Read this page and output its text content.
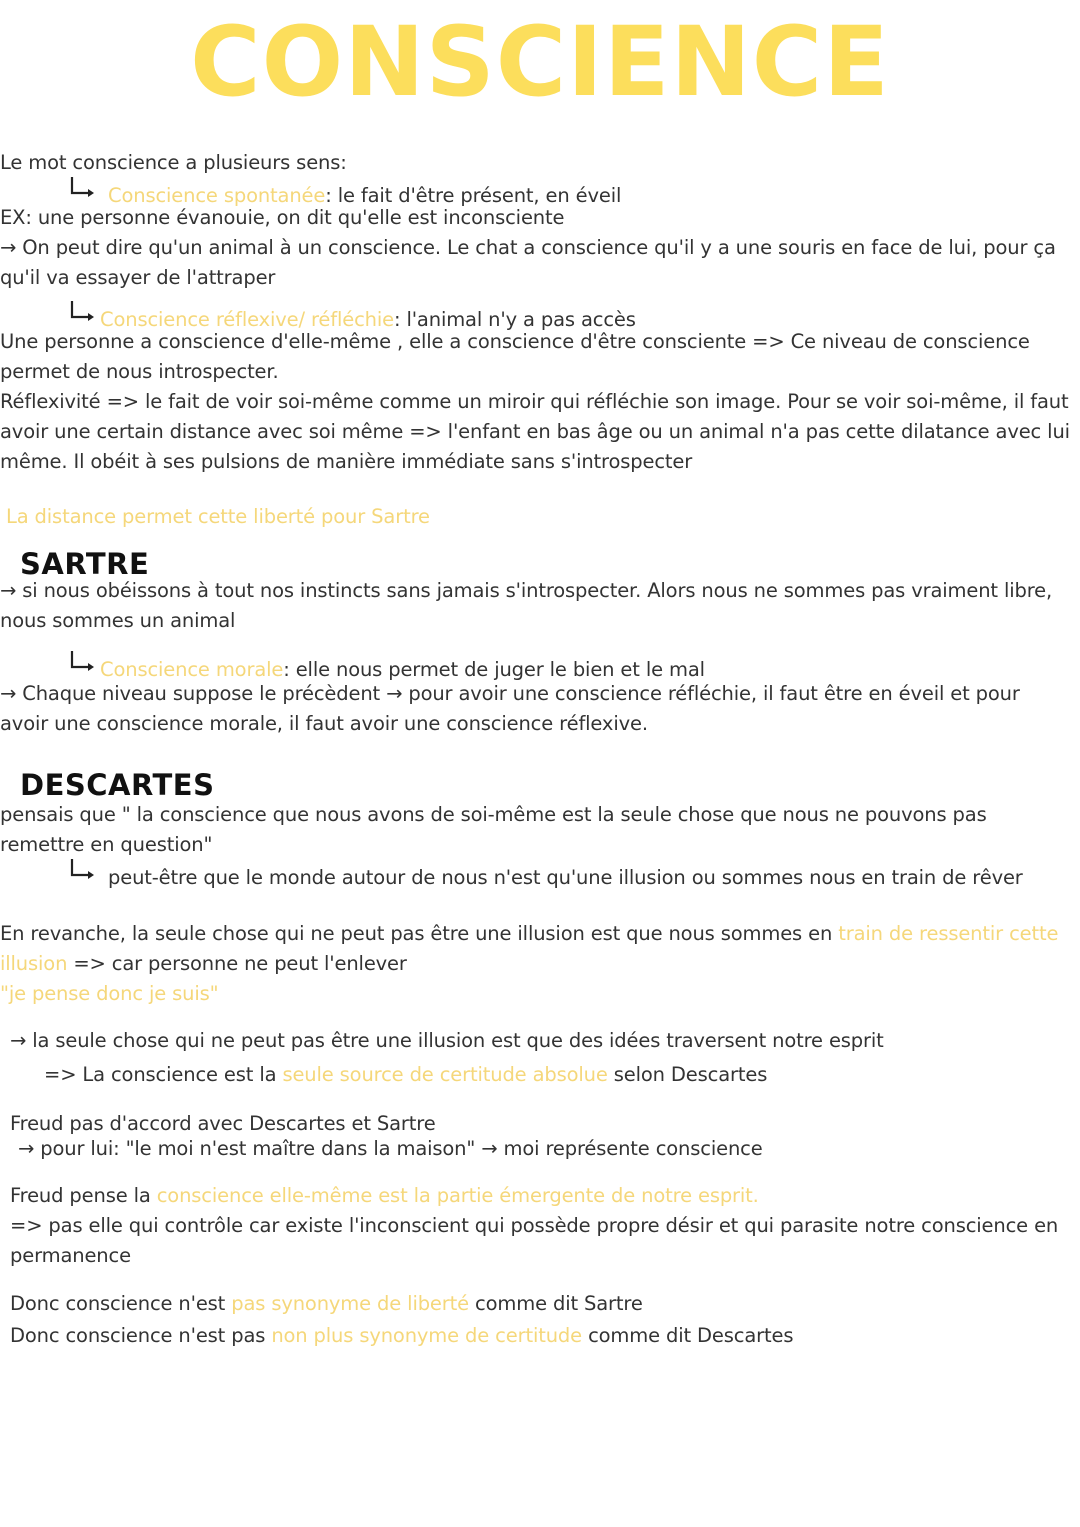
CONSCIENCE
Le mot conscience a plusieurs sens:
Conscience spontanée: le fait d'être présent, en éveil
EX: une personne évanouie, on dit qu'elle est inconsciente
→ On peut dire qu'un animal à un conscience. Le chat a conscience qu'il y a une souris en face de lui, pour ça
qu'il va essayer de l'attraper
Conscience réflexive/ réfléchie: l'animal n'y a pas accès
Une personne a conscience d'elle-même , elle a conscience d'être consciente => Ce niveau de conscience
permet de nous introspecter.
Réflexivité => le fait de voir soi-même comme un miroir qui réfléchie son image. Pour se voir soi-même, il faut
avoir une certain distance avec soi même => l'enfant en bas âge ou un animal n'a pas cette dilatance avec lui
même. Il obéit à ses pulsions de manière immédiate sans s'introspecter
La distance permet cette liberté pour Sartre
SARTRE
→ si nous obéissons à tout nos instincts sans jamais s'introspecter. Alors nous ne sommes pas vraiment libre,
nous sommes un animal
Conscience morale: elle nous permet de juger le bien et le mal
→ Chaque niveau suppose le précèdent → pour avoir une conscience réfléchie, il faut être en éveil et pour
avoir une conscience morale, il faut avoir une conscience réflexive.
DESCARTES
pensais que " la conscience que nous avons de soi-même est la seule chose que nous ne pouvons pas
remettre en question"
peut-être que le monde autour de nous n'est qu'une illusion ou sommes nous en train de rêver
En revanche, la seule chose qui ne peut pas être une illusion est que nous sommes en train de ressentir cette
illusion => car personne ne peut l'enlever
"je pense donc je suis"
→ la seule chose qui ne peut pas être une illusion est que des idées traversent notre esprit
=> La conscience est la seule source de certitude absolue selon Descartes
Freud pas d'accord avec Descartes et Sartre
→ pour lui: "le moi n'est maître dans la maison" → moi représente conscience
Freud pense la conscience elle-même est la partie émergente de notre esprit.
=> pas elle qui contrôle car existe l'inconscient qui possède propre désir et qui parasite notre conscience en
permanence
Donc conscience n'est pas synonyme de liberté comme dit Sartre
Donc conscience n'est pas non plus synonyme de certitude comme dit Descartes
